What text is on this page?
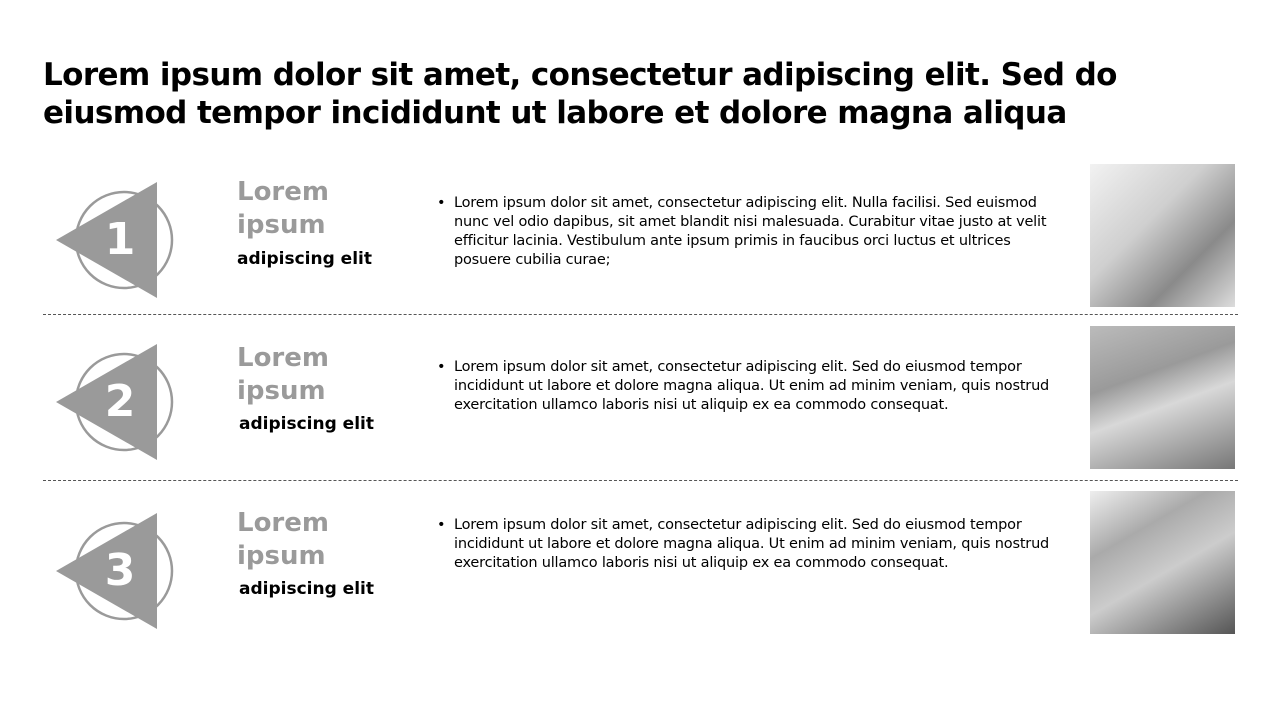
Lorem ipsum dolor sit amet, consectetur adipiscing elit. Sed do eiusmod tempor incididunt ut labore et dolore magna aliqua
1
Lorem ipsum
adipiscing elit
• Lorem ipsum dolor sit amet, consectetur adipiscing elit. Nulla facilisi. Sed euismod nunc vel odio dapibus, sit amet blandit nisi malesuada. Curabitur vitae justo at velit efficitur lacinia. Vestibulum ante ipsum primis in faucibus orci luctus et ultrices posuere cubilia curae;
2
Lorem ipsum
adipiscing elit
• Lorem ipsum dolor sit amet, consectetur adipiscing elit. Sed do eiusmod tempor incididunt ut labore et dolore magna aliqua. Ut enim ad minim veniam, quis nostrud exercitation ullamco laboris nisi ut aliquip ex ea commodo consequat.
3
Lorem ipsum
adipiscing elit
• Lorem ipsum dolor sit amet, consectetur adipiscing elit. Sed do eiusmod tempor incididunt ut labore et dolore magna aliqua. Ut enim ad minim veniam, quis nostrud exercitation ullamco laboris nisi ut aliquip ex ea commodo consequat.
